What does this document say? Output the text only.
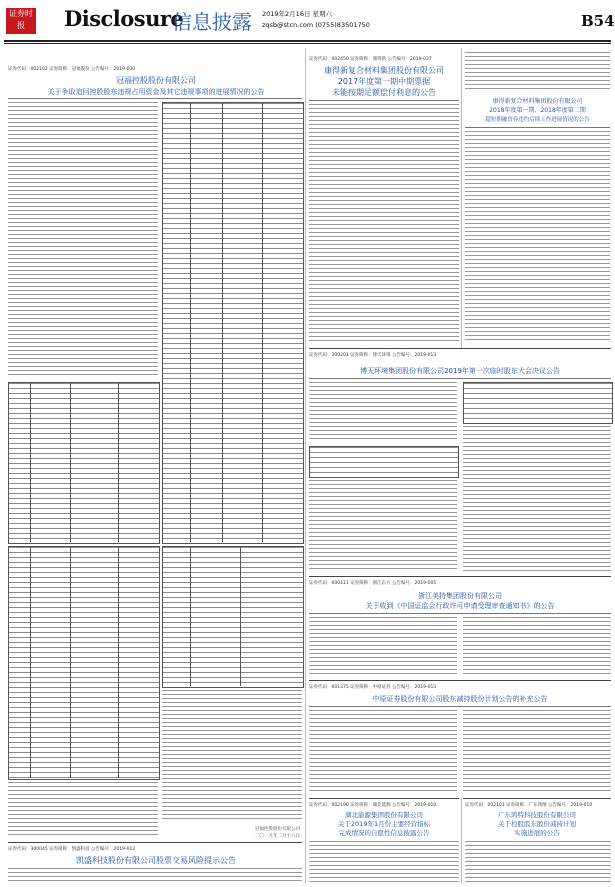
证券时报	Disclosure
信息披露 2019年2月16日 星期六
zqsb@stcn.com (0755)83501750	B54
证券代码：002102 证券简称：冠福股份 公告编号：2019-030
冠福控股股份有限公司
关于争取追回控股股东违规占用资金及其它违规事项的进展情况的公告
冠福控股股份有限公司
二〇一九年二月十六日
证券代码：300045 证券简称：凯盛科技 公告编号：2019-012
凯盛科技股份有限公司股票交易风险提示公告
证券代码：002450 证券简称：康得新 公告编号：2019-037
康得新复合材料集团股份有限公司
2017年度第一期中期票据
未能按期足额偿付利息的公告
康得新复合材料集团股份有限公司
2018年度第一期、2018年度第二期
超短期融资券违约后续工作进展情况的公告
证券代码：300201 证券简称：博天环境 公告编号：2019-013
博天环境集团股份有限公司2019年第一次临时股东大会决议公告
证券代码：600111 证券简称：浙江东方 公告编号：2019-005
浙江美特集团股份有限公司
关于收到《中国证监会行政许可申请受理审查通知书》的公告
证券代码：601375 证券简称：中原证券 公告编号：2019-013
中原证券股份有限公司股东减持股份计划公告的补充公告
证券代码：002190 证券简称：湖北能源 公告编号：2019-010
湖北能源集团股份有限公司
关于2019年1月份主要经营指标
完成情况的自愿性信息披露公告
证券代码：002101 证券简称：广东鸿图 公告编号：2019-010
广东鸿特科技股份有限公司
关于控股股东股份减持计划
实施进展的公告
